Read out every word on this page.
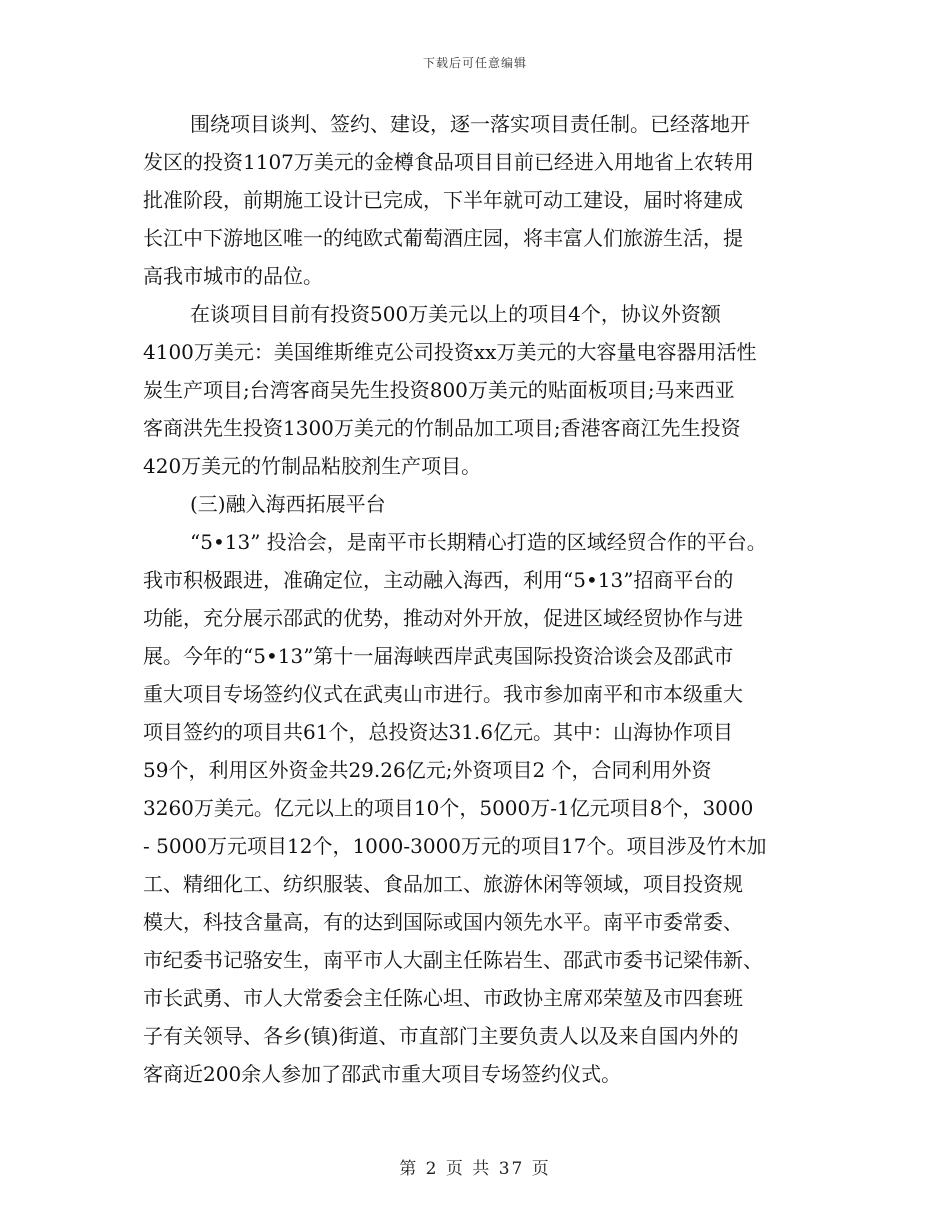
下载后可任意编辑
围绕项目谈判、签约、建设，逐一落实项目责任制。已经落地开
发区的投资1107万美元的金樽食品项目目前已经进入用地省上农转用
批准阶段，前期施工设计已完成，下半年就可动工建设，届时将建成
长江中下游地区唯一的纯欧式葡萄酒庄园，将丰富人们旅游生活，提
高我市城市的品位。
在谈项目目前有投资500万美元以上的项目4个，协议外资额
4100万美元：美国维斯维克公司投资xx万美元的大容量电容器用活性
炭生产项目;台湾客商吴先生投资800万美元的贴面板项目;马来西亚
客商洪先生投资1300万美元的竹制品加工项目;香港客商江先生投资
420万美元的竹制品粘胶剂生产项目。
(三)融入海西拓展平台
“5•13” 投洽会，是南平市长期精心打造的区域经贸合作的平台。
我市积极跟进，准确定位，主动融入海西，利用“5•13”招商平台的
功能，充分展示邵武的优势，推动对外开放，促进区域经贸协作与进
展。今年的“5•13”第十一届海峡西岸武夷国际投资洽谈会及邵武市
重大项目专场签约仪式在武夷山市进行。我市参加南平和市本级重大
项目签约的项目共61个，总投资达31.6亿元。其中：山海协作项目
59个，利用区外资金共29.26亿元;外资项目2 个，合同利用外资
3260万美元。亿元以上的项目10个，5000万-1亿元项目8个，3000
- 5000万元项目12个，1000-3000万元的项目17个。项目涉及竹木加
工、精细化工、纺织服装、食品加工、旅游休闲等领域，项目投资规
模大，科技含量高，有的达到国际或国内领先水平。南平市委常委、
市纪委书记骆安生，南平市人大副主任陈岩生、邵武市委书记梁伟新、
市长武勇、市人大常委会主任陈心坦、市政协主席邓荣堃及市四套班
子有关领导、各乡(镇)街道、市直部门主要负责人以及来自国内外的
客商近200余人参加了邵武市重大项目专场签约仪式。
第 2 页 共 37 页
